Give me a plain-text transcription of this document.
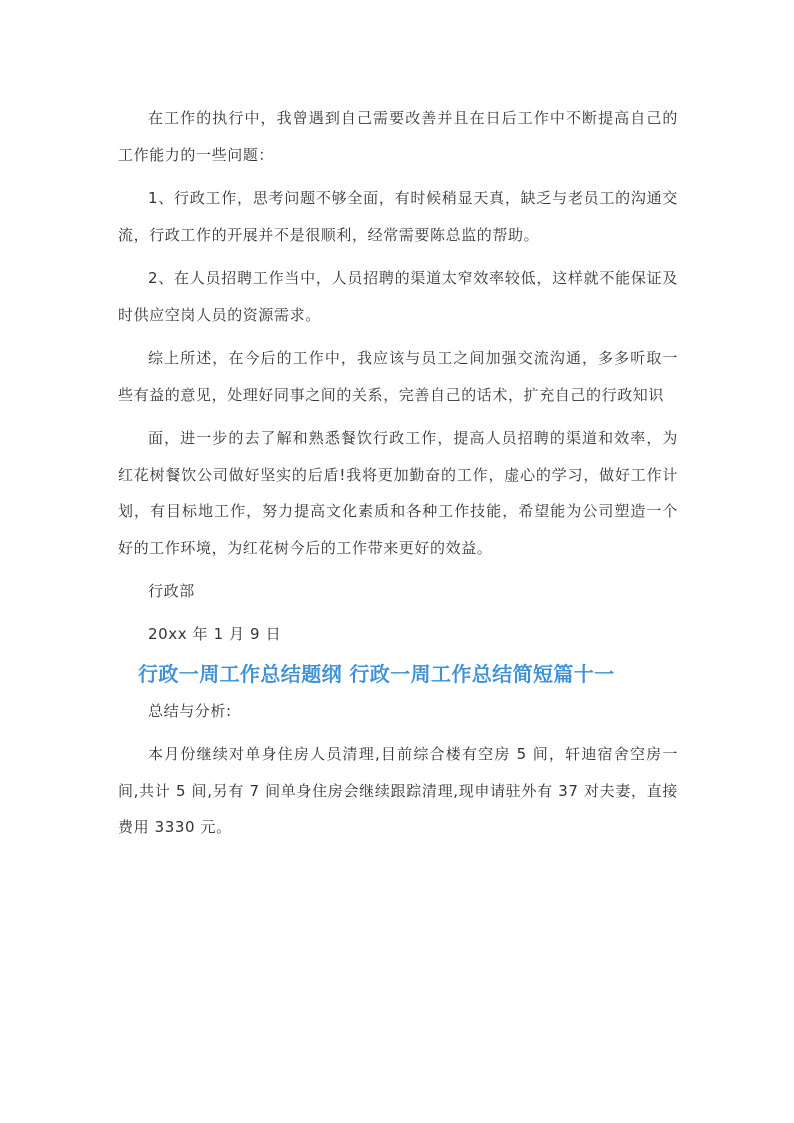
在工作的执行中，我曾遇到自己需要改善并且在日后工作中不断提高自己的工作能力的一些问题：

1、行政工作，思考问题不够全面，有时候稍显天真，缺乏与老员工的沟通交流，行政工作的开展并不是很顺利，经常需要陈总监的帮助。

2、在人员招聘工作当中，人员招聘的渠道太窄效率较低，这样就不能保证及时供应空岗人员的资源需求。

综上所述，在今后的工作中，我应该与员工之间加强交流沟通，多多听取一些有益的意见，处理好同事之间的关系，完善自己的话术，扩充自己的行政知识

面，进一步的去了解和熟悉餐饮行政工作，提高人员招聘的渠道和效率，为红花树餐饮公司做好坚实的后盾!我将更加勤奋的工作，虚心的学习，做好工作计划，有目标地工作，努力提高文化素质和各种工作技能，希望能为公司塑造一个好的工作环境，为红花树今后的工作带来更好的效益。

行政部

20xx 年 1 月 9 日

行政一周工作总结题纲 行政一周工作总结简短篇十一

总结与分析:

本月份继续对单身住房人员清理,目前综合楼有空房 5 间，轩迪宿舍空房一间,共计 5 间,另有 7 间单身住房会继续跟踪清理,现申请驻外有 37 对夫妻，直接费用 3330 元。
